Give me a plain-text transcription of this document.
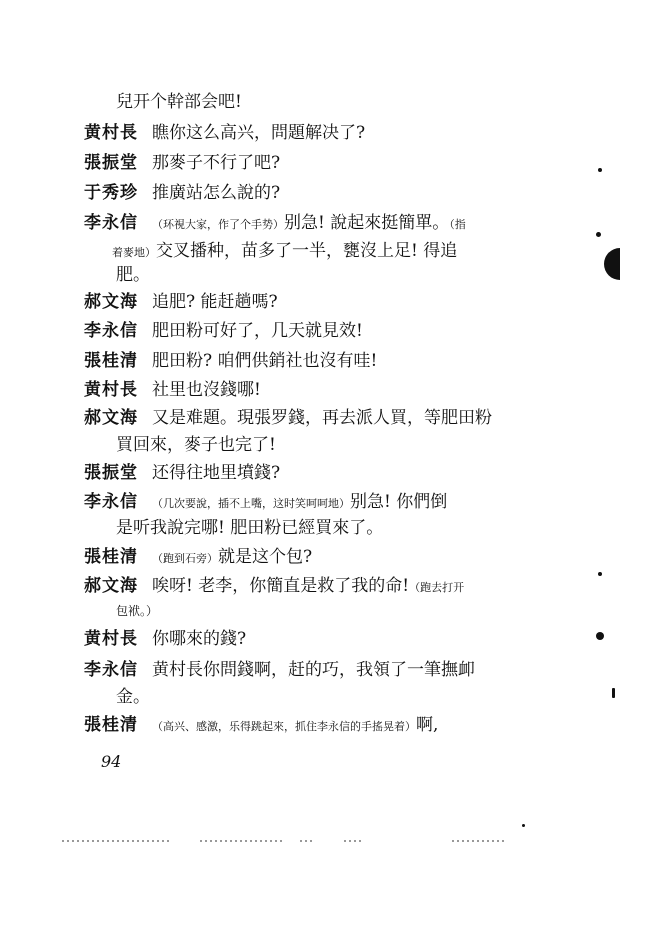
兒开个幹部会吧!
黄村長 瞧你这么高兴，問題解决了?
張振堂 那麥子不行了吧?
于秀珍 推廣站怎么說的?
李永信 （环視大家，作了个手势）别急! 說起來挺簡單。（指
着麥地）交叉播种，苗多了一半，甕沒上足! 得追
肥。
郝文海 追肥? 能赶趟嗎?
李永信 肥田粉可好了，几天就見效!
張桂清 肥田粉? 咱們供銷社也沒有哇!
黄村長 社里也沒錢哪!
郝文海 又是难題。現張罗錢，再去派人買，等肥田粉
買回來，麥子也完了!
張振堂 还得往地里墳錢?
李永信 （几次要說，插不上嘴，这时笑呵呵地）别急! 你們倒
是听我說完哪! 肥田粉已經買來了。
張桂清 （跑到石旁）就是这个包?
郝文海 唉呀! 老李，你簡直是救了我的命!（跑去打开
包袱。）
黄村長 你哪來的錢?
李永信 黄村長你問錢啊，赶的巧，我領了一筆撫卹
金。
張桂清 （高兴、感激，乐得跳起來，抓住李永信的手搖晃着）啊,
94
